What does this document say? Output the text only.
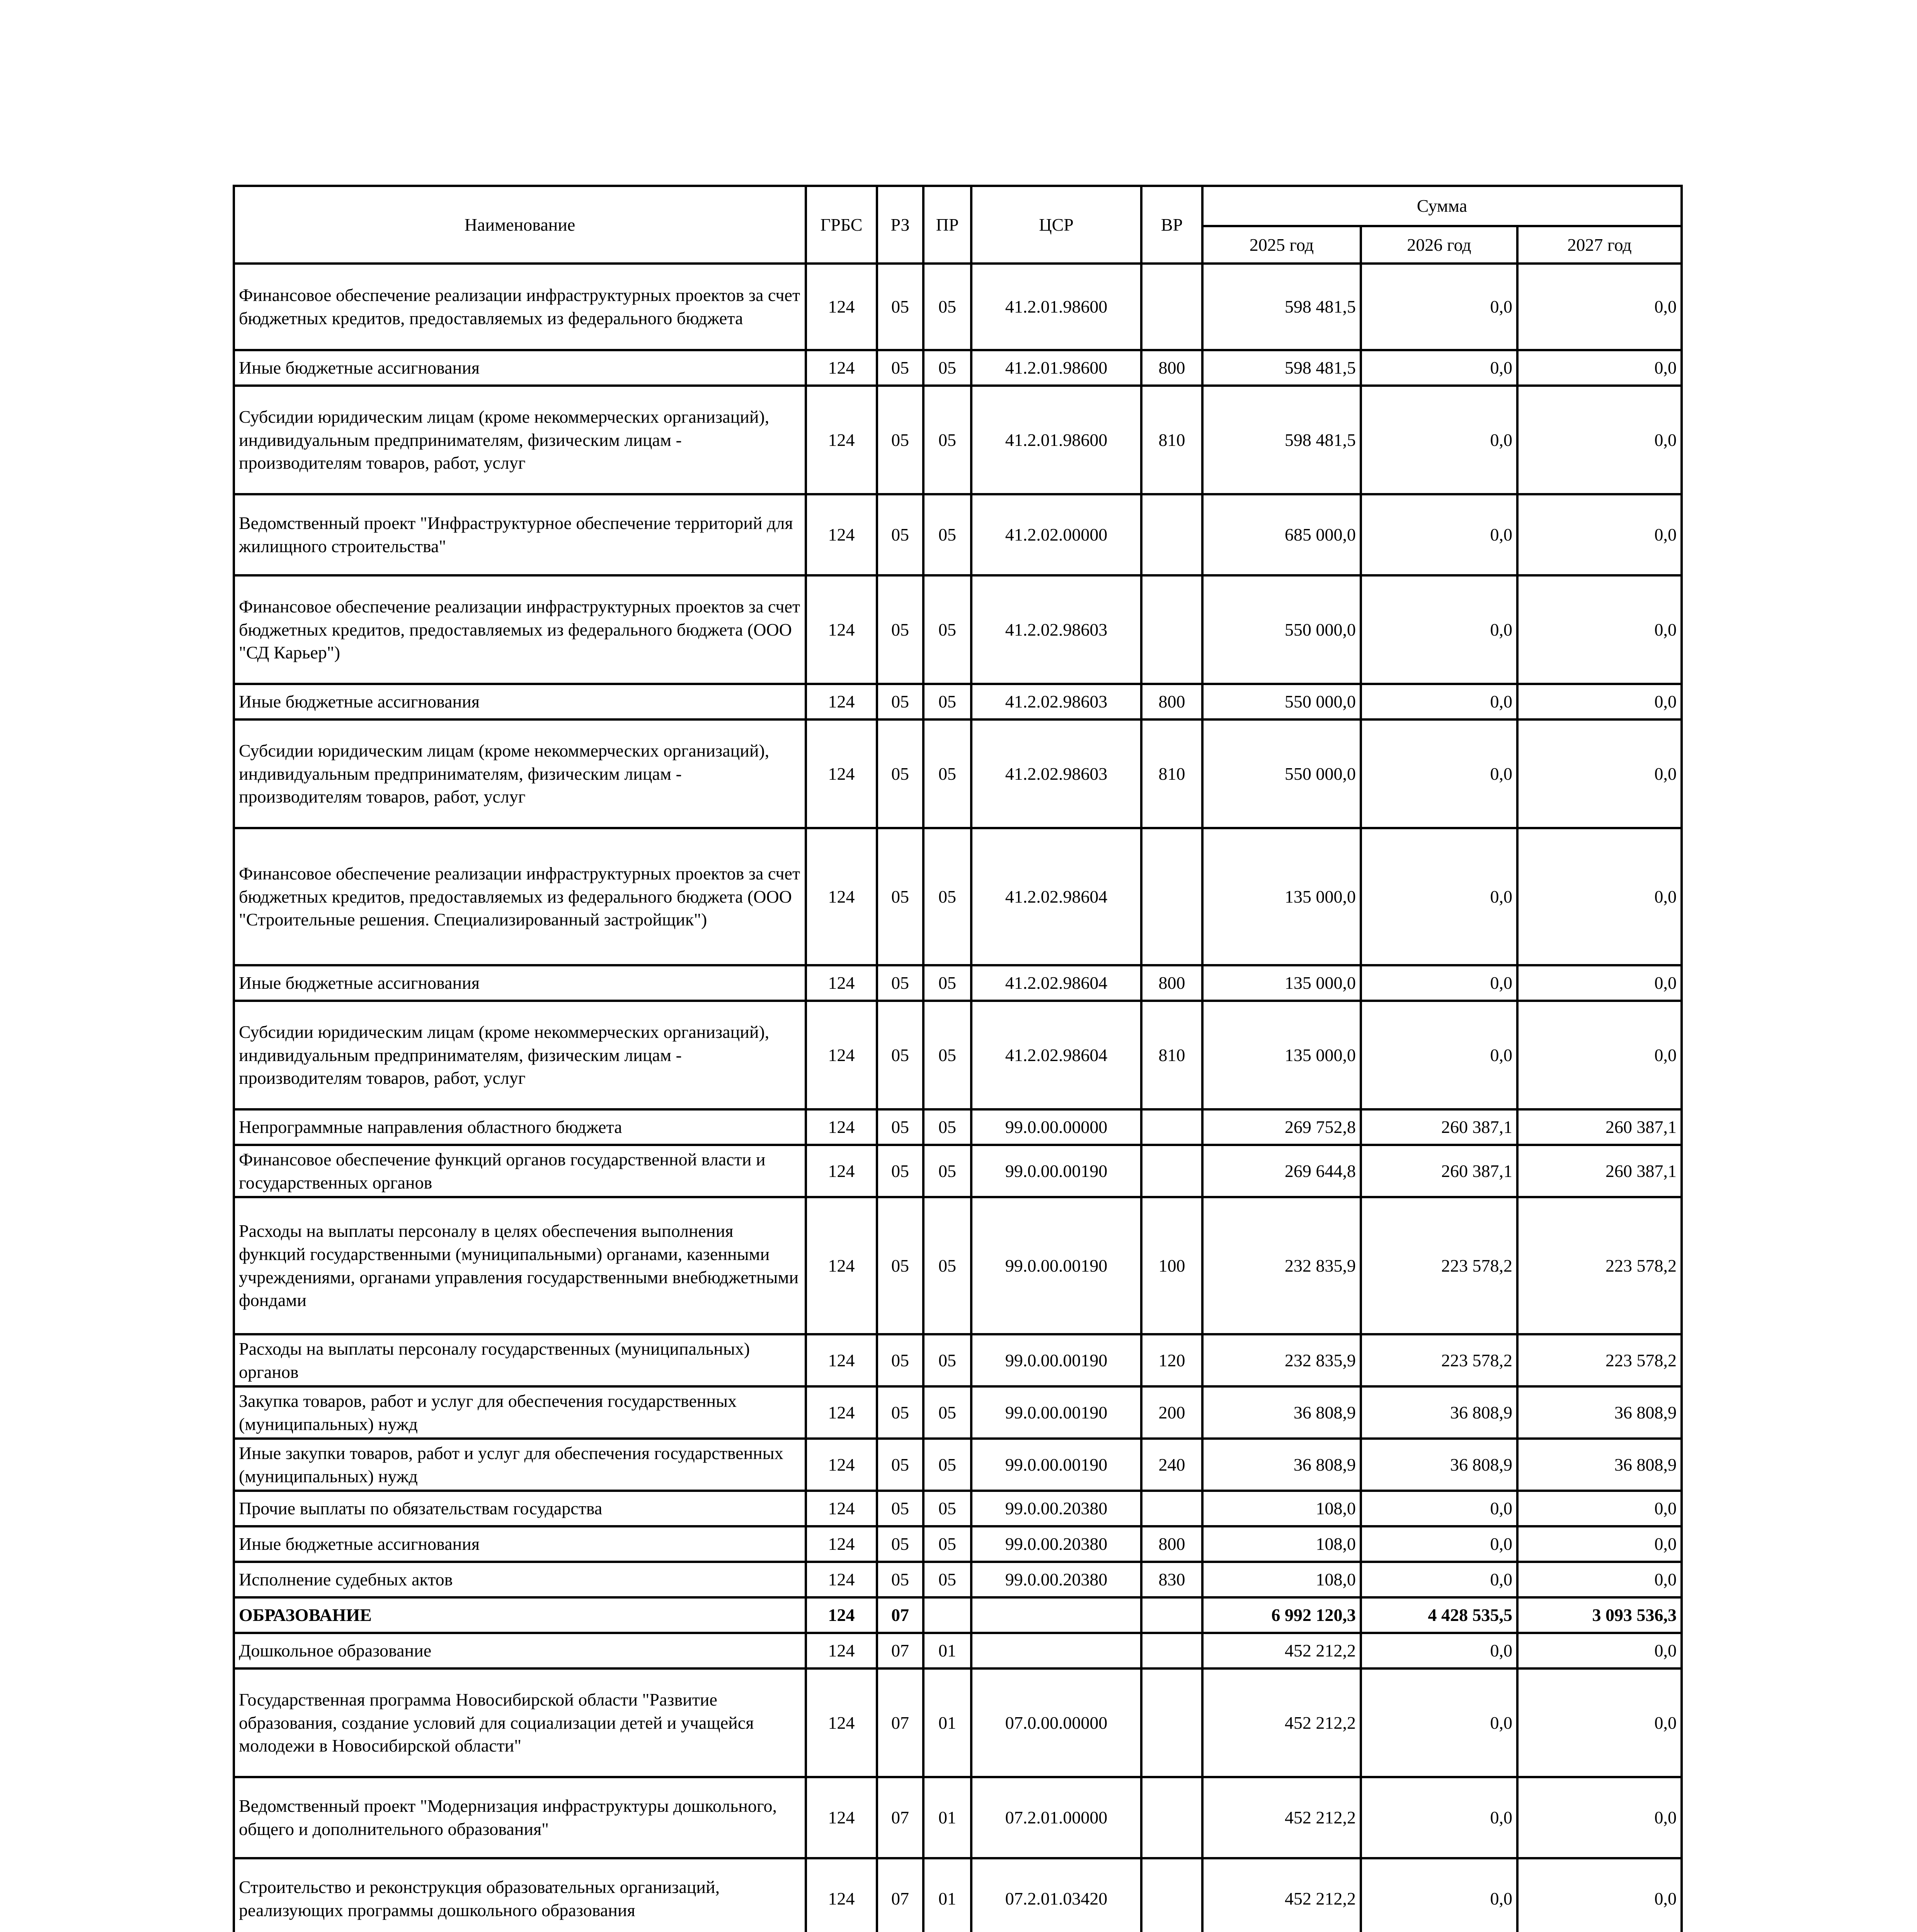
Наименование	ГРБС	РЗ	ПР	ЦСР	ВР	Сумма		
						2025 год	2026 год	2027 год
Финансовое обеспечение реализации инфраструктурных проектов за счет бюджетных кредитов, предоставляемых из федерального бюджета	124	05	05	41.2.01.98600		598 481,5	0,0	0,0
Иные бюджетные ассигнования	124	05	05	41.2.01.98600	800	598 481,5	0,0	0,0
Субсидии юридическим лицам (кроме некоммерческих организаций), индивидуальным предпринимателям, физическим лицам - производителям товаров, работ, услуг	124	05	05	41.2.01.98600	810	598 481,5	0,0	0,0
Ведомственный проект "Инфраструктурное обеспечение территорий для жилищного строительства"	124	05	05	41.2.02.00000		685 000,0	0,0	0,0
Финансовое обеспечение реализации инфраструктурных проектов за счет бюджетных кредитов, предоставляемых из федерального бюджета (ООО "СД Карьер")	124	05	05	41.2.02.98603		550 000,0	0,0	0,0
Иные бюджетные ассигнования	124	05	05	41.2.02.98603	800	550 000,0	0,0	0,0
Субсидии юридическим лицам (кроме некоммерческих организаций), индивидуальным предпринимателям, физическим лицам - производителям товаров, работ, услуг	124	05	05	41.2.02.98603	810	550 000,0	0,0	0,0
Финансовое обеспечение реализации инфраструктурных проектов за счет бюджетных кредитов, предоставляемых из федерального бюджета (ООО "Строительные решения. Специализированный застройщик")	124	05	05	41.2.02.98604		135 000,0	0,0	0,0
Иные бюджетные ассигнования	124	05	05	41.2.02.98604	800	135 000,0	0,0	0,0
Субсидии юридическим лицам (кроме некоммерческих организаций), индивидуальным предпринимателям, физическим лицам - производителям товаров, работ, услуг	124	05	05	41.2.02.98604	810	135 000,0	0,0	0,0
Непрограммные направления областного бюджета	124	05	05	99.0.00.00000		269 752,8	260 387,1	260 387,1
Финансовое обеспечение функций органов государственной власти и государственных органов	124	05	05	99.0.00.00190		269 644,8	260 387,1	260 387,1
Расходы на выплаты персоналу в целях обеспечения выполнения функций государственными (муниципальными) органами, казенными учреждениями, органами управления государственными внебюджетными фондами	124	05	05	99.0.00.00190	100	232 835,9	223 578,2	223 578,2
Расходы на выплаты персоналу государственных (муниципальных) органов	124	05	05	99.0.00.00190	120	232 835,9	223 578,2	223 578,2
Закупка товаров, работ и услуг для обеспечения государственных (муниципальных) нужд	124	05	05	99.0.00.00190	200	36 808,9	36 808,9	36 808,9
Иные закупки товаров, работ и услуг для обеспечения государственных (муниципальных) нужд	124	05	05	99.0.00.00190	240	36 808,9	36 808,9	36 808,9
Прочие выплаты по обязательствам государства	124	05	05	99.0.00.20380		108,0	0,0	0,0
Иные бюджетные ассигнования	124	05	05	99.0.00.20380	800	108,0	0,0	0,0
Исполнение судебных актов	124	05	05	99.0.00.20380	830	108,0	0,0	0,0
ОБРАЗОВАНИЕ	124	07				6 992 120,3	4 428 535,5	3 093 536,3
Дошкольное образование	124	07	01			452 212,2	0,0	0,0
Государственная программа Новосибирской области "Развитие образования, создание условий для социализации детей и учащейся молодежи в Новосибирской области"	124	07	01	07.0.00.00000		452 212,2	0,0	0,0
Ведомственный проект "Модернизация инфраструктуры дошкольного, общего и дополнительного образования"	124	07	01	07.2.01.00000		452 212,2	0,0	0,0
Строительство и реконструкция образовательных организаций, реализующих программы дошкольного образования	124	07	01	07.2.01.03420		452 212,2	0,0	0,0
